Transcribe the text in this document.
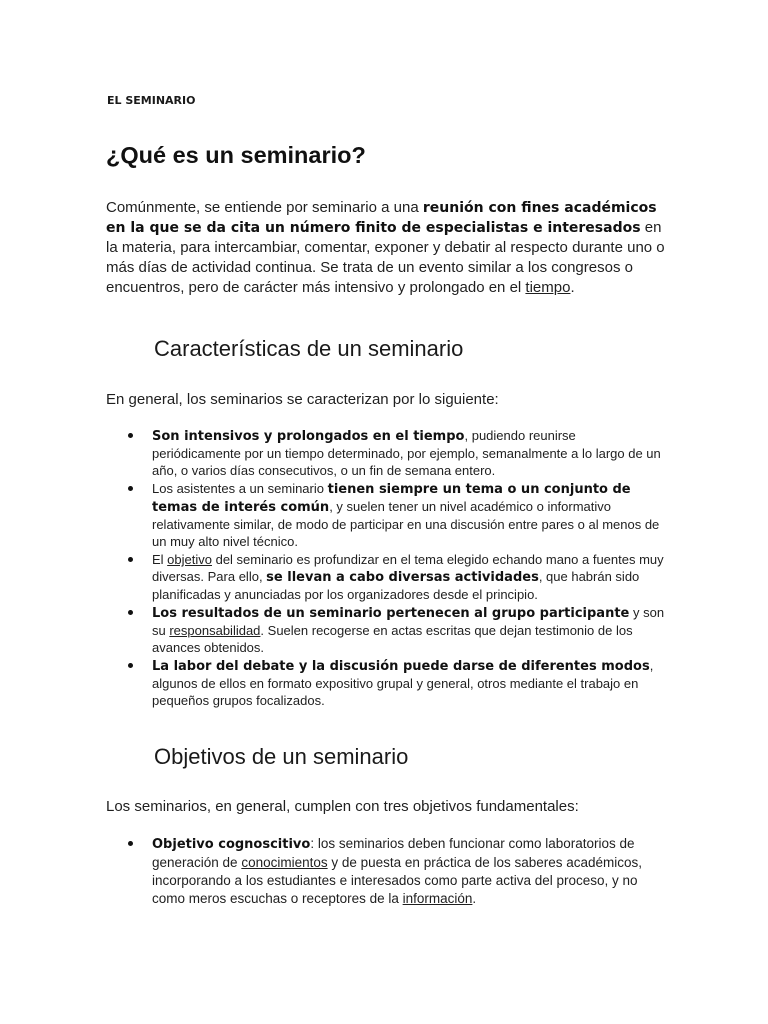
EL SEMINARIO
¿Qué es un seminario?

Comúnmente, se entiende por seminario a una reunión con fines académicos en la que se da cita un número finito de especialistas e interesados en la materia, para intercambiar, comentar, exponer y debatir al respecto durante uno o más días de actividad continua. Se trata de un evento similar a los congresos o encuentros, pero de carácter más intensivo y prolongado en el tiempo.

Características de un seminario

En general, los seminarios se caracterizan por lo siguiente:

Son intensivos y prolongados en el tiempo, pudiendo reunirse periódicamente por un tiempo determinado, por ejemplo, semanalmente a lo largo de un año, o varios días consecutivos, o un fin de semana entero.
Los asistentes a un seminario tienen siempre un tema o un conjunto de temas de interés común, y suelen tener un nivel académico o informativo relativamente similar, de modo de participar en una discusión entre pares o al menos de un muy alto nivel técnico.
El objetivo del seminario es profundizar en el tema elegido echando mano a fuentes muy diversas. Para ello, se llevan a cabo diversas actividades, que habrán sido planificadas y anunciadas por los organizadores desde el principio.
Los resultados de un seminario pertenecen al grupo participante y son su responsabilidad. Suelen recogerse en actas escritas que dejan testimonio de los avances obtenidos.
La labor del debate y la discusión puede darse de diferentes modos, algunos de ellos en formato expositivo grupal y general, otros mediante el trabajo en pequeños grupos focalizados.
Objetivos de un seminario

Los seminarios, en general, cumplen con tres objetivos fundamentales:

Objetivo cognoscitivo: los seminarios deben funcionar como laboratorios de generación de conocimientos y de puesta en práctica de los saberes académicos, incorporando a los estudiantes e interesados como parte activa del proceso, y no como meros escuchas o receptores de la información.
